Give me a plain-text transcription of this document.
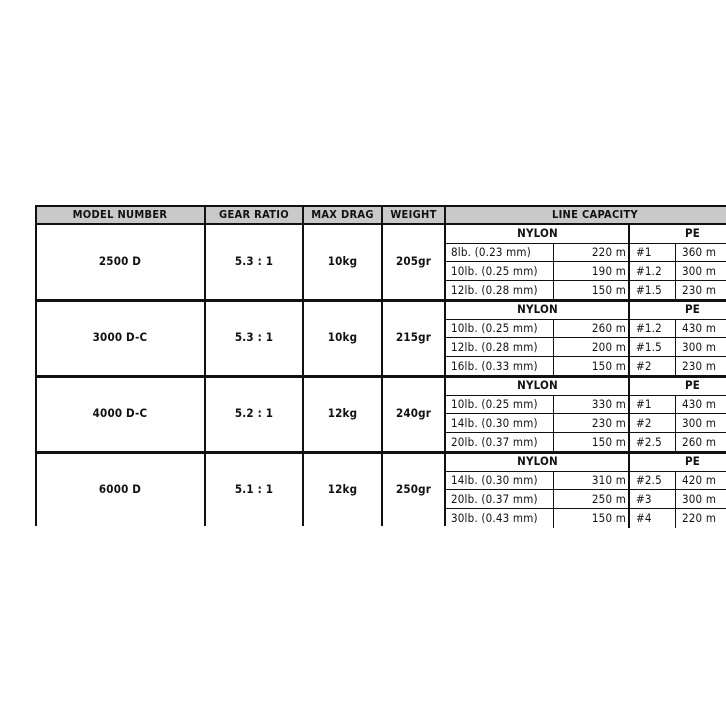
MODEL NUMBER	GEAR RATIO	MAX DRAG	WEIGHT	LINE CAPACITY
2500 D	5.3 : 1	10kg	205gr
NYLON	PE
8lb. (0.23 mm)	220 m #1	360 m
10lb. (0.25 mm)	190 m #1.2	300 m
12lb. (0.28 mm)	150 m #1.5	230 m
3000 D-C	5.3 : 1	10kg	215gr
NYLON	PE
10lb. (0.25 mm)	260 m #1.2	430 m
12lb. (0.28 mm)	200 m #1.5	300 m
16lb. (0.33 mm)	150 m #2	230 m
4000 D-C	5.2 : 1	12kg	240gr
NYLON	PE
10lb. (0.25 mm)	330 m #1	430 m
14lb. (0.30 mm)	230 m #2	300 m
20lb. (0.37 mm)	150 m #2.5	260 m
6000 D	5.1 : 1	12kg	250gr
NYLON	PE
14lb. (0.30 mm)	310 m #2.5	420 m
20lb. (0.37 mm)	250 m #3	300 m
30lb. (0.43 mm)	150 m #4	220 m
